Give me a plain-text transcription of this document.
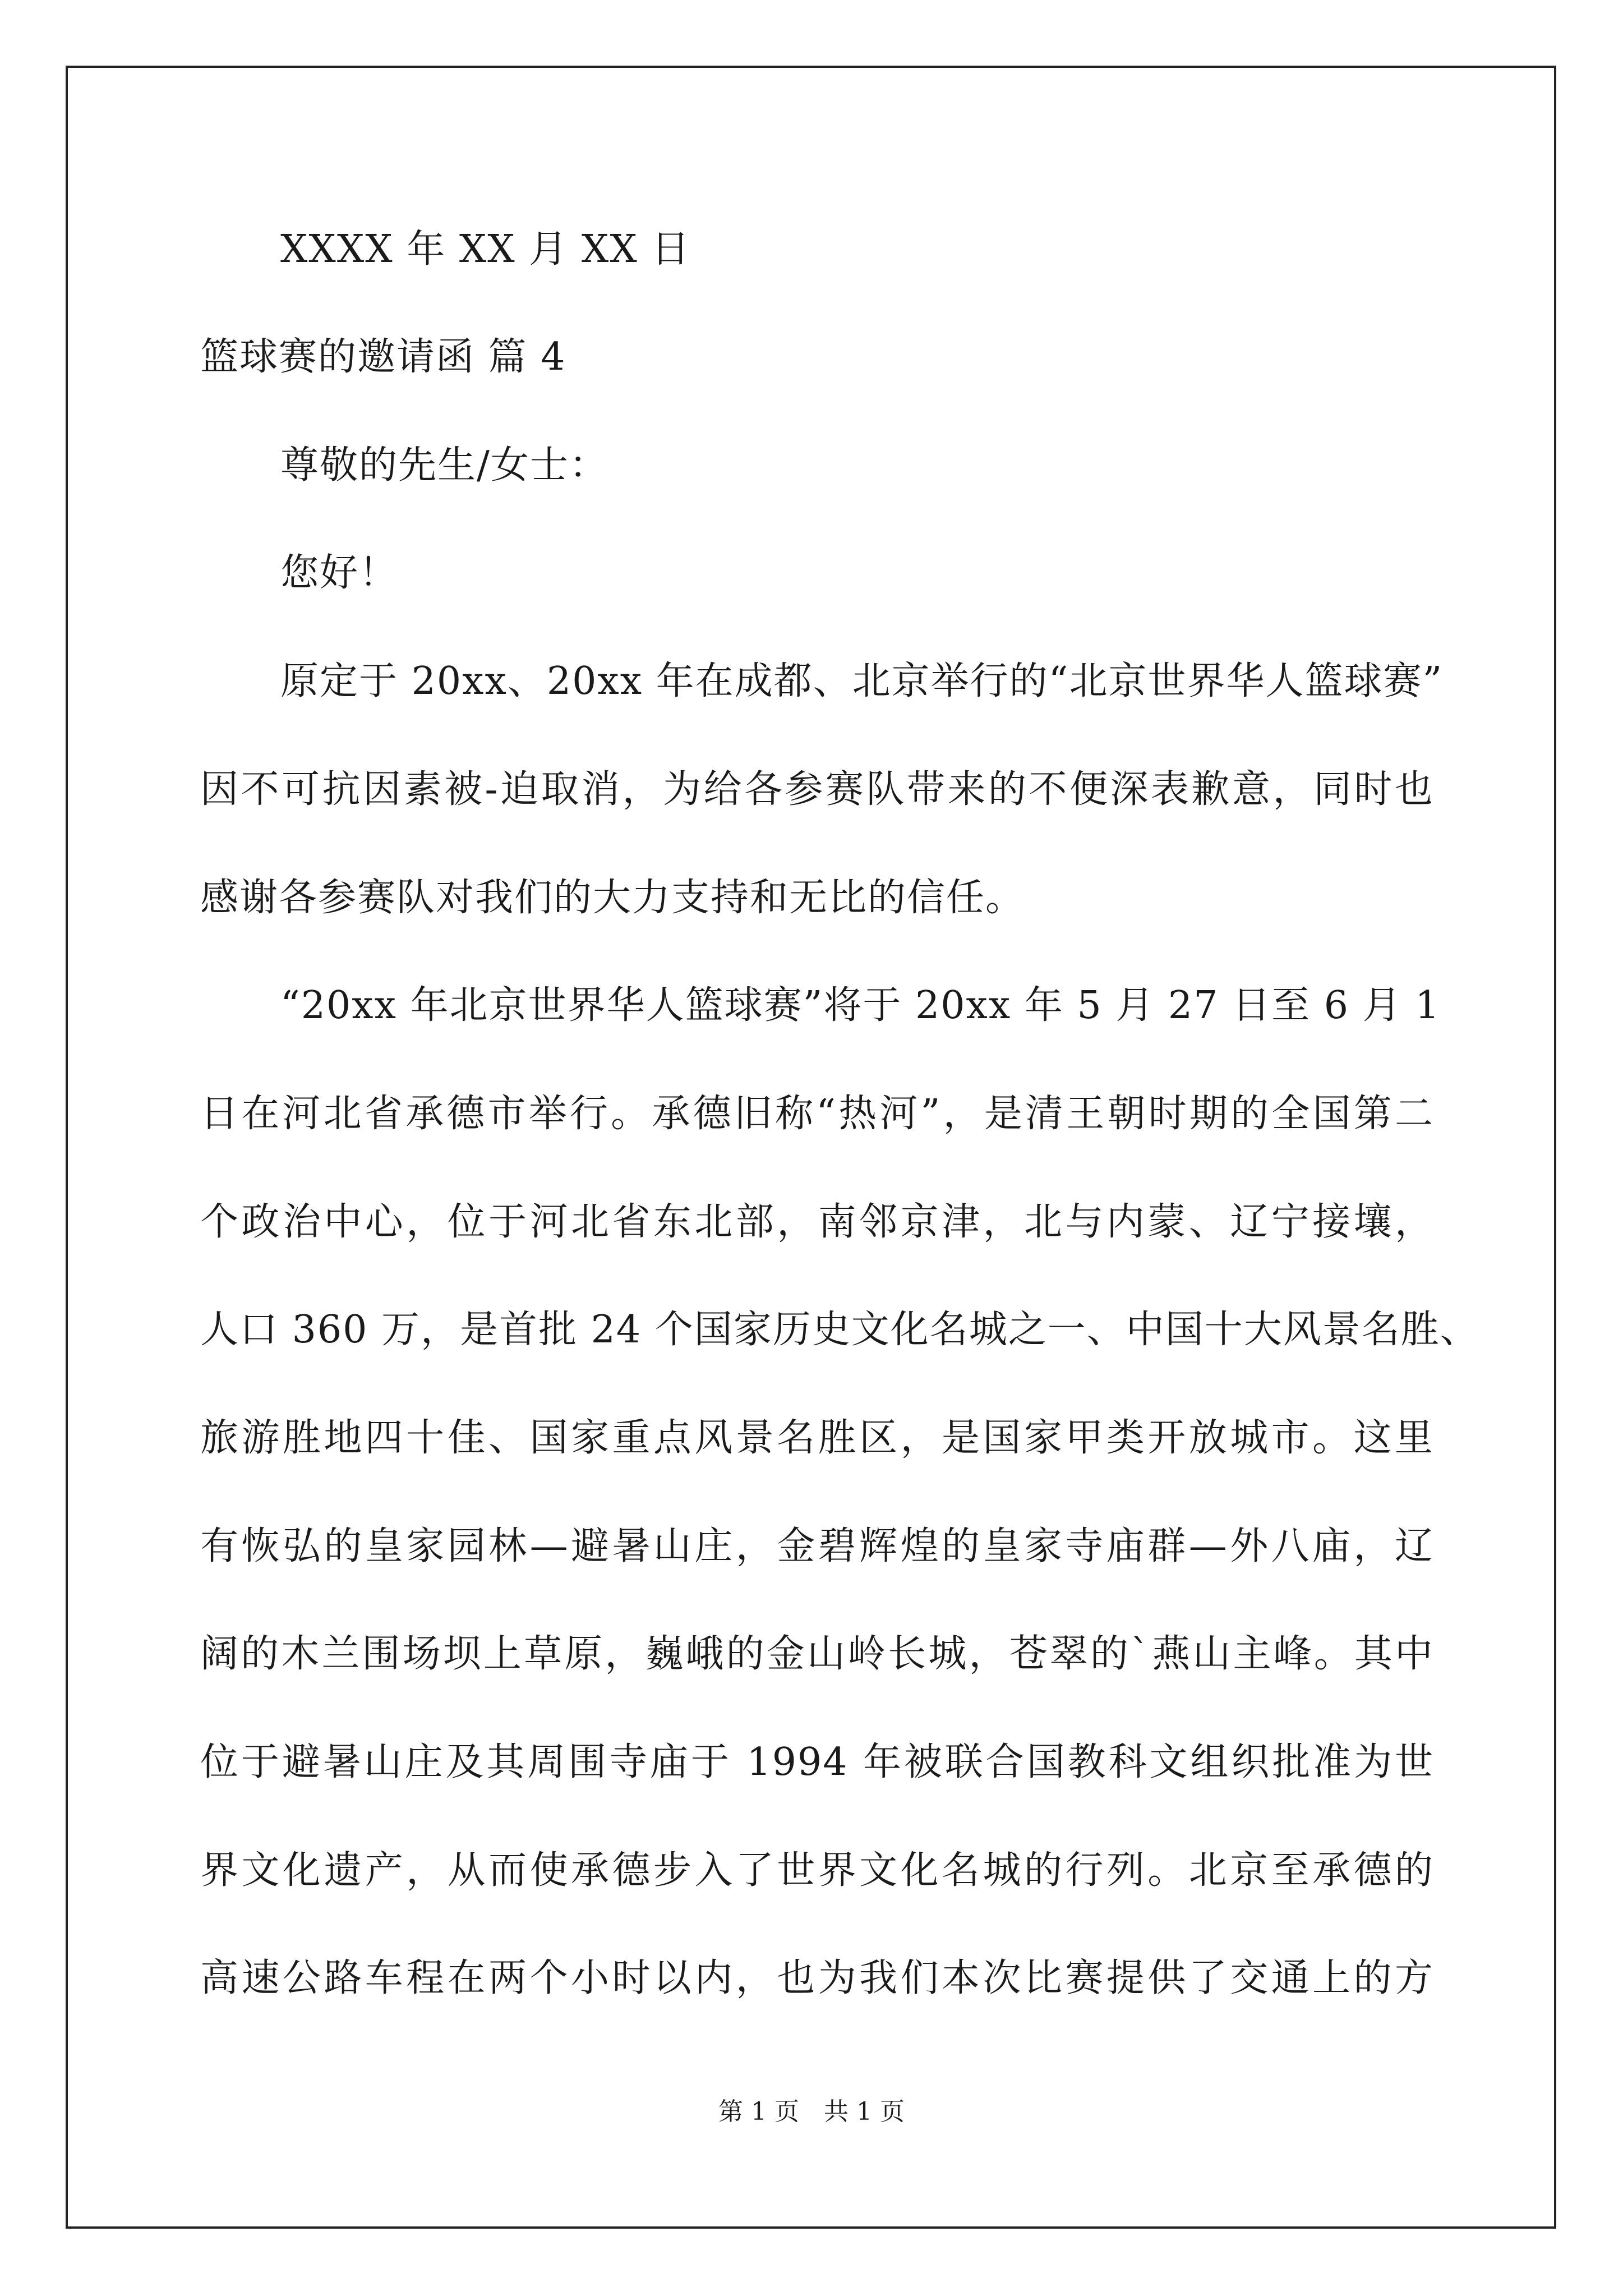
XXXX 年 XX 月 XX 日
篮球赛的邀请函 篇 4
尊敬的先生/女士：
您好！
原定于 20xx、20xx 年在成都、北京举行的“北京世界华人篮球赛”
因不可抗因素被-迫取消，为给各参赛队带来的不便深表歉意，同时也
感谢各参赛队对我们的大力支持和无比的信任。
“20xx 年北京世界华人篮球赛”将于 20xx 年 5 月 27 日至 6 月 1
日在河北省承德市举行。承德旧称“热河”，是清王朝时期的全国第二
个政治中心，位于河北省东北部，南邻京津，北与内蒙、辽宁接壤，
人口 360 万，是首批 24 个国家历史文化名城之一、中国十大风景名胜、
旅游胜地四十佳、国家重点风景名胜区，是国家甲类开放城市。这里
有恢弘的皇家园林—避暑山庄，金碧辉煌的皇家寺庙群—外八庙，辽
阔的木兰围场坝上草原，巍峨的金山岭长城，苍翠的`燕山主峰。其中
位于避暑山庄及其周围寺庙于 1994 年被联合国教科文组织批准为世
界文化遗产，从而使承德步入了世界文化名城的行列。北京至承德的
高速公路车程在两个小时以内，也为我们本次比赛提供了交通上的方
第 1 页　共 1 页
